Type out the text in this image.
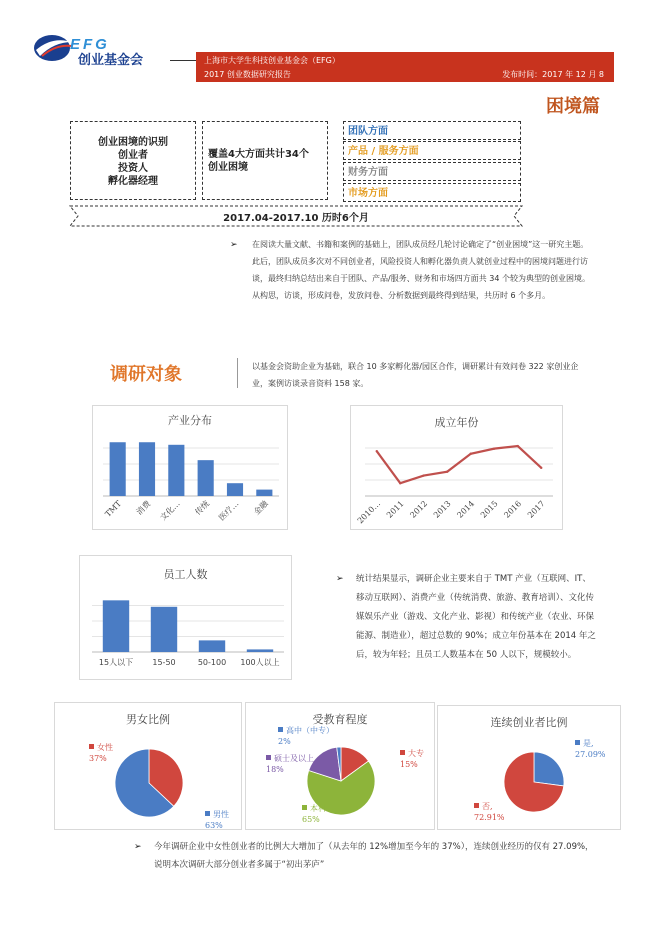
EFG
创业基金会	上海市大学生科技创业基金会（EFG）
2017 创业数据研究报告	发布时间：2017 年 12 月 8
困境篇
创业困境的识别
创业者
投资人
孵化器经理
覆盖4大方面共计34个
创业困境
团队方面
产品 / 服务方面
财务方面
市场方面
2017.04-2017.10 历时6个月
➢ 在阅读大量文献、书籍和案例的基础上，团队成员经几轮讨论确定了“创业困境”这一研究主题。此后，团队成员多次对不同创业者，风险投资人和孵化器负责人就创业过程中的困境问题进行访谈，最终归纳总结出来自于团队、产品/服务、财务和市场四方面共 34 个较为典型的创业困境。从构思，访谈，形成问卷，发放问卷、分析数据到最终得到结果，共历时 6 个多月。
调研对象	以基金会资助企业为基础，联合 10 多家孵化器/园区合作，调研累计有效问卷 322 家创业企业，案例访谈录音资料 158 家。
产业分布
TMT 消费 文化… 传统 医疗… 金融
成立年份
2010… 2011 2012 2013 2014 2015 2016 2017
员工人数
15人以下 15-50	50-100 100人以上
➢ 统计结果显示，调研企业主要来自于 TMT 产业（互联网、IT、移动互联网）、消费产业（传统消费、旅游、教育培训）、文化传媒娱乐产业（游戏、文化产业、影视）和传统产业（农业、环保能源、制造业），超过总数的 90%；成立年份基本在 2014 年之后，较为年轻；且员工人数基本在 50 人以下，规模较小。
男女比例
女性
37%
男性
63%
受教育程度
大专
15%
本科
65%
硕士及以上
18%
高中（中专）
2%
连续创业者比例
是,
27.09%
否,
72.91%
➢ 今年调研企业中女性创业者的比例大大增加了（从去年的 12%增加至今年的 37%），连续创业经历的仅有 27.09%，说明本次调研大部分创业者多属于“初出茅庐”
